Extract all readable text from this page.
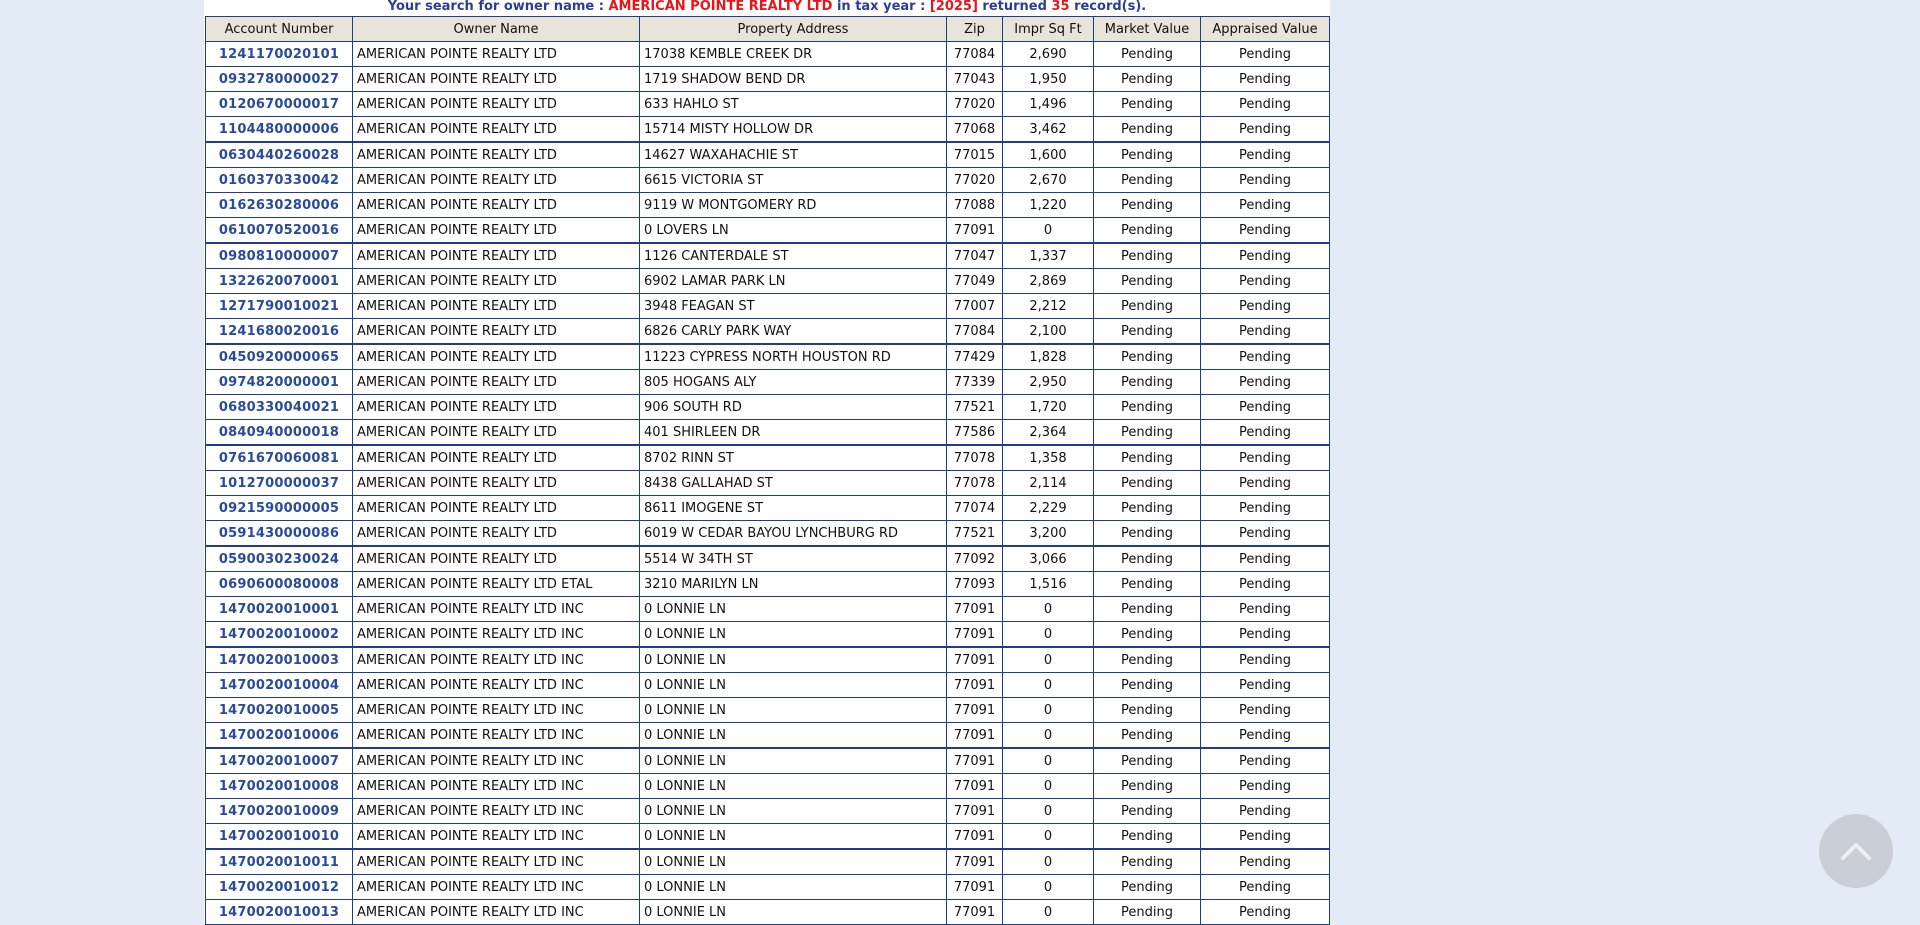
Your search for owner name : AMERICAN POINTE REALTY LTD in tax year : [2025] returned 35 record(s).
Account Number	Owner Name	Property Address	Zip	Impr Sq Ft	Market Value	Appraised Value
1241170020101	AMERICAN POINTE REALTY LTD	17038 KEMBLE CREEK DR	77084	2,690	Pending	Pending
0932780000027	AMERICAN POINTE REALTY LTD	1719 SHADOW BEND DR	77043	1,950	Pending	Pending
0120670000017	AMERICAN POINTE REALTY LTD	633 HAHLO ST	77020	1,496	Pending	Pending
1104480000006	AMERICAN POINTE REALTY LTD	15714 MISTY HOLLOW DR	77068	3,462	Pending	Pending
0630440260028	AMERICAN POINTE REALTY LTD	14627 WAXAHACHIE ST	77015	1,600	Pending	Pending
0160370330042	AMERICAN POINTE REALTY LTD	6615 VICTORIA ST	77020	2,670	Pending	Pending
0162630280006	AMERICAN POINTE REALTY LTD	9119 W MONTGOMERY RD	77088	1,220	Pending	Pending
0610070520016	AMERICAN POINTE REALTY LTD	0 LOVERS LN	77091	0	Pending	Pending
0980810000007	AMERICAN POINTE REALTY LTD	1126 CANTERDALE ST	77047	1,337	Pending	Pending
1322620070001	AMERICAN POINTE REALTY LTD	6902 LAMAR PARK LN	77049	2,869	Pending	Pending
1271790010021	AMERICAN POINTE REALTY LTD	3948 FEAGAN ST	77007	2,212	Pending	Pending
1241680020016	AMERICAN POINTE REALTY LTD	6826 CARLY PARK WAY	77084	2,100	Pending	Pending
0450920000065	AMERICAN POINTE REALTY LTD	11223 CYPRESS NORTH HOUSTON RD	77429	1,828	Pending	Pending
0974820000001	AMERICAN POINTE REALTY LTD	805 HOGANS ALY	77339	2,950	Pending	Pending
0680330040021	AMERICAN POINTE REALTY LTD	906 SOUTH RD	77521	1,720	Pending	Pending
0840940000018	AMERICAN POINTE REALTY LTD	401 SHIRLEEN DR	77586	2,364	Pending	Pending
0761670060081	AMERICAN POINTE REALTY LTD	8702 RINN ST	77078	1,358	Pending	Pending
1012700000037	AMERICAN POINTE REALTY LTD	8438 GALLAHAD ST	77078	2,114	Pending	Pending
0921590000005	AMERICAN POINTE REALTY LTD	8611 IMOGENE ST	77074	2,229	Pending	Pending
0591430000086	AMERICAN POINTE REALTY LTD	6019 W CEDAR BAYOU LYNCHBURG RD	77521	3,200	Pending	Pending
0590030230024	AMERICAN POINTE REALTY LTD	5514 W 34TH ST	77092	3,066	Pending	Pending
0690600080008	AMERICAN POINTE REALTY LTD ETAL	3210 MARILYN LN	77093	1,516	Pending	Pending
1470020010001	AMERICAN POINTE REALTY LTD INC	0 LONNIE LN	77091	0	Pending	Pending
1470020010002	AMERICAN POINTE REALTY LTD INC	0 LONNIE LN	77091	0	Pending	Pending
1470020010003	AMERICAN POINTE REALTY LTD INC	0 LONNIE LN	77091	0	Pending	Pending
1470020010004	AMERICAN POINTE REALTY LTD INC	0 LONNIE LN	77091	0	Pending	Pending
1470020010005	AMERICAN POINTE REALTY LTD INC	0 LONNIE LN	77091	0	Pending	Pending
1470020010006	AMERICAN POINTE REALTY LTD INC	0 LONNIE LN	77091	0	Pending	Pending
1470020010007	AMERICAN POINTE REALTY LTD INC	0 LONNIE LN	77091	0	Pending	Pending
1470020010008	AMERICAN POINTE REALTY LTD INC	0 LONNIE LN	77091	0	Pending	Pending
1470020010009	AMERICAN POINTE REALTY LTD INC	0 LONNIE LN	77091	0	Pending	Pending
1470020010010	AMERICAN POINTE REALTY LTD INC	0 LONNIE LN	77091	0	Pending	Pending
1470020010011	AMERICAN POINTE REALTY LTD INC	0 LONNIE LN	77091	0	Pending	Pending
1470020010012	AMERICAN POINTE REALTY LTD INC	0 LONNIE LN	77091	0	Pending	Pending
1470020010013	AMERICAN POINTE REALTY LTD INC	0 LONNIE LN	77091	0	Pending	Pending
